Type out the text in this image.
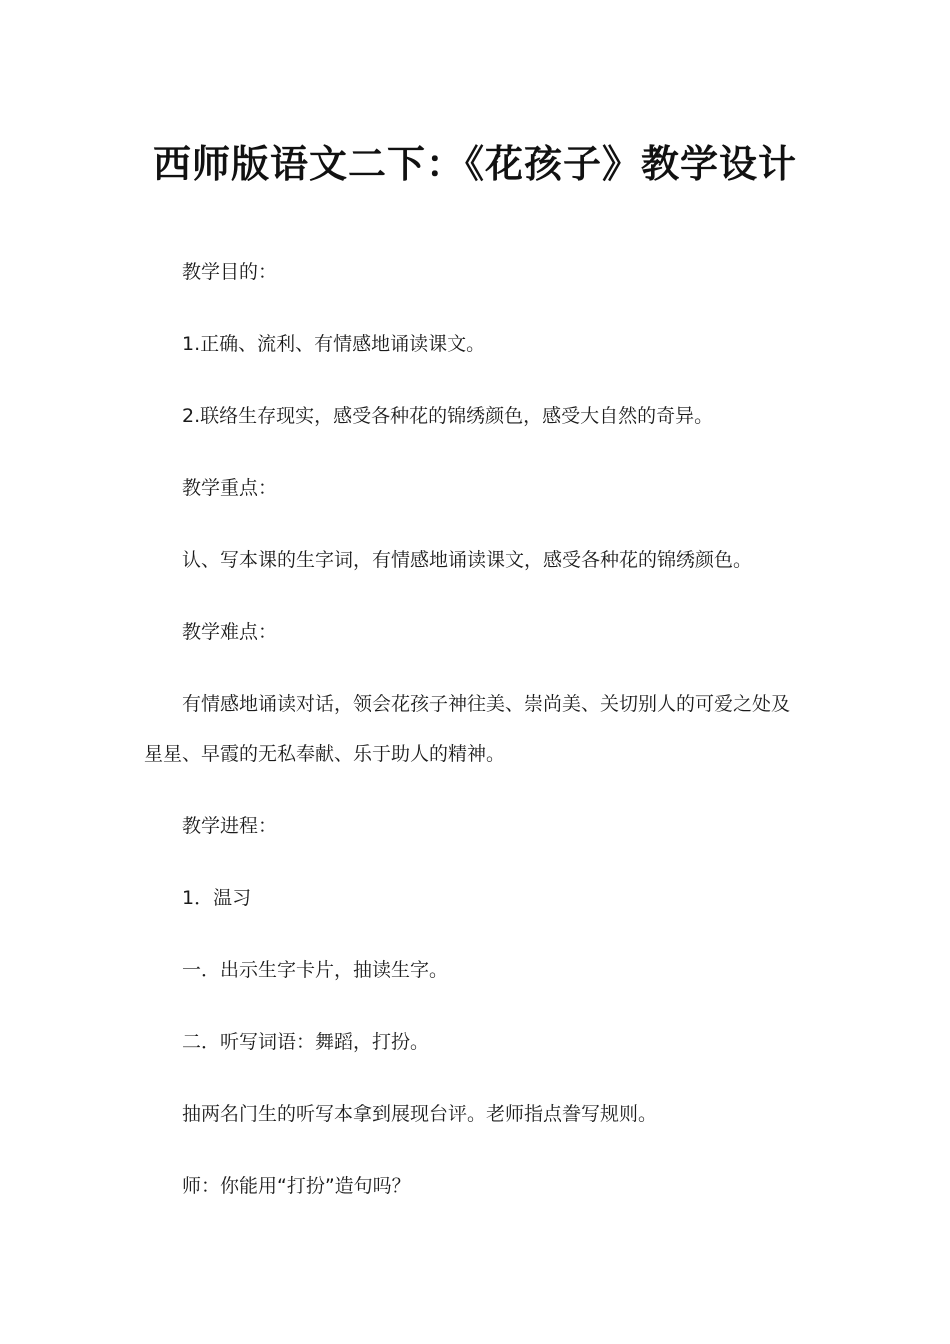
西师版语文二下：《花孩子》教学设计
教学目的：
1.正确、流利、有情感地诵读课文。
2.联络生存现实，感受各种花的锦绣颜色，感受大自然的奇异。
教学重点：
认、写本课的生字词，有情感地诵读课文，感受各种花的锦绣颜色。
教学难点：
有情感地诵读对话，领会花孩子神往美、崇尚美、关切别人的可爱之处及
星星、早霞的无私奉献、乐于助人的精神。
教学进程：
1．温习
一．出示生字卡片，抽读生字。
二．听写词语：舞蹈，打扮。
抽两名门生的听写本拿到展现台评。老师指点誊写规则。
师：你能用“打扮”造句吗？
